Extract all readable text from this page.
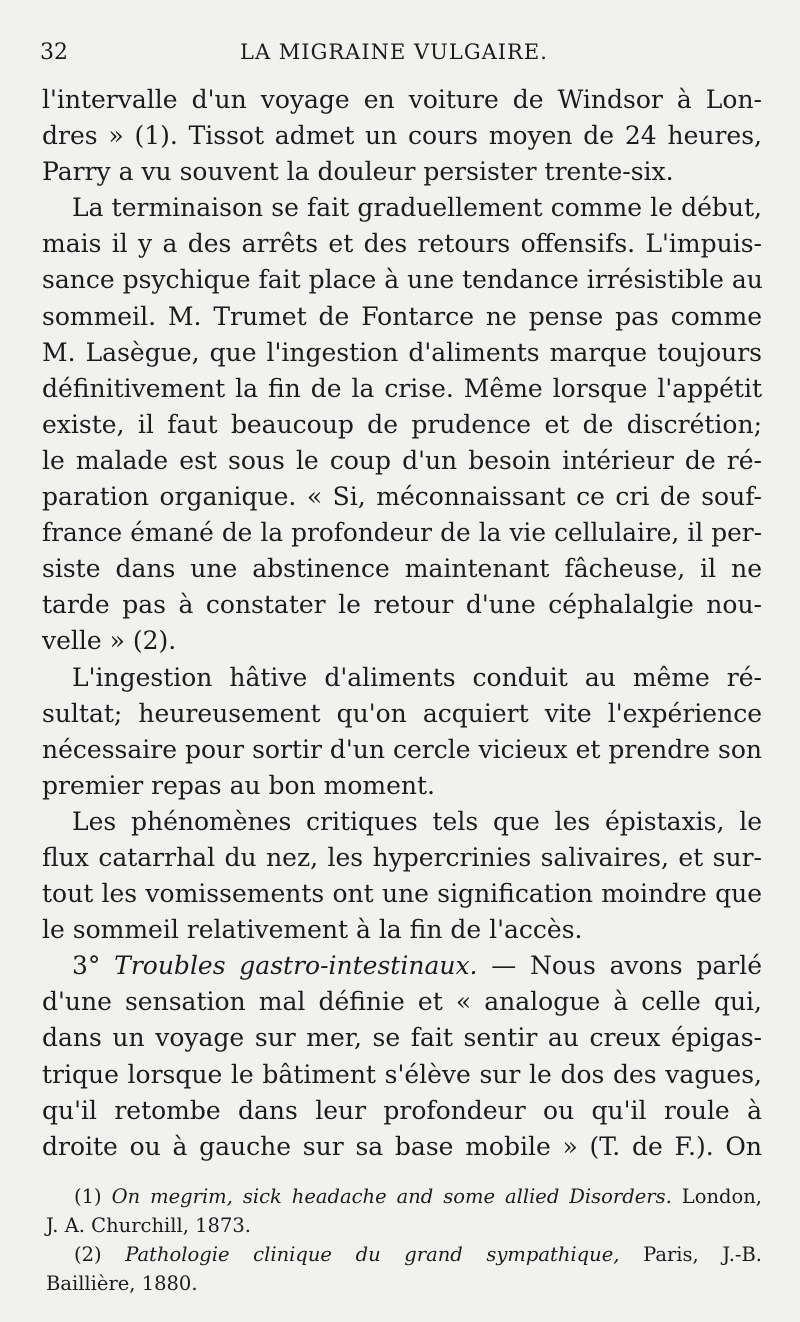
32	LA MIGRAINE VULGAIRE.
l'intervalle d'un voyage en voiture de Windsor à Lon-
dres » (1). Tissot admet un cours moyen de 24 heures,
Parry a vu souvent la douleur persister trente-six.
La terminaison se fait graduellement comme le début,
mais il y a des arrêts et des retours offensifs. L'impuis-
sance psychique fait place à une tendance irrésistible au
sommeil. M. Trumet de Fontarce ne pense pas comme
M. Lasègue, que l'ingestion d'aliments marque toujours
définitivement la fin de la crise. Même lorsque l'appétit
existe, il faut beaucoup de prudence et de discrétion;
le malade est sous le coup d'un besoin intérieur de ré-
paration organique. « Si, méconnaissant ce cri de souf-
france émané de la profondeur de la vie cellulaire, il per-
siste dans une abstinence maintenant fâcheuse, il ne
tarde pas à constater le retour d'une céphalalgie nou-
velle » (2).
L'ingestion hâtive d'aliments conduit au même ré-
sultat; heureusement qu'on acquiert vite l'expérience
nécessaire pour sortir d'un cercle vicieux et prendre son
premier repas au bon moment.
Les phénomènes critiques tels que les épistaxis, le
flux catarrhal du nez, les hypercrinies salivaires, et sur-
tout les vomissements ont une signification moindre que
le sommeil relativement à la fin de l'accès.
3° Troubles gastro-intestinaux. — Nous avons parlé
d'une sensation mal définie et « analogue à celle qui,
dans un voyage sur mer, se fait sentir au creux épigas-
trique lorsque le bâtiment s'élève sur le dos des vagues,
qu'il retombe dans leur profondeur ou qu'il roule à
droite ou à gauche sur sa base mobile » (T. de F.). On
(1) On megrim, sick headache and some allied Disorders. London,
J. A. Churchill, 1873.
(2) Pathologie clinique du grand sympathique, Paris, J.-B.
Baillière, 1880.
